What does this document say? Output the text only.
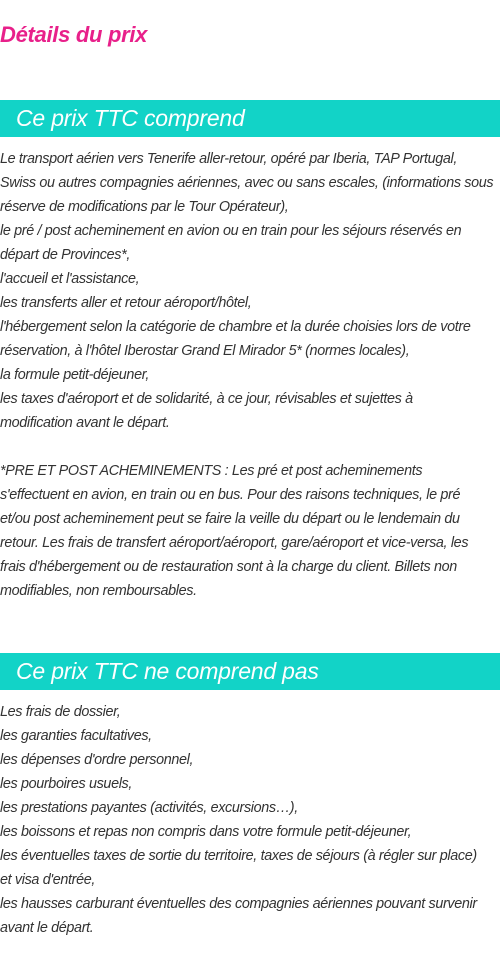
Détails du prix
Ce prix TTC comprend
Le transport aérien vers Tenerife aller-retour, opéré par Iberia, TAP Portugal,
Swiss ou autres compagnies aériennes, avec ou sans escales, (informations sous
réserve de modifications par le Tour Opérateur),
le pré / post acheminement en avion ou en train pour les séjours réservés en
départ de Provinces*,
l'accueil et l'assistance,
les transferts aller et retour aéroport/hôtel,
l'hébergement selon la catégorie de chambre et la durée choisies lors de votre
réservation, à l'hôtel Iberostar Grand El Mirador 5* (normes locales),
la formule petit-déjeuner,
les taxes d'aéroport et de solidarité, à ce jour, révisables et sujettes à
modification avant le départ.
*PRE ET POST ACHEMINEMENTS : Les pré et post acheminements
s'effectuent en avion, en train ou en bus. Pour des raisons techniques, le pré
et/ou post acheminement peut se faire la veille du départ ou le lendemain du
retour. Les frais de transfert aéroport/aéroport, gare/aéroport et vice-versa, les
frais d'hébergement ou de restauration sont à la charge du client. Billets non
modifiables, non remboursables.
Ce prix TTC ne comprend pas
Les frais de dossier,
les garanties facultatives,
les dépenses d'ordre personnel,
les pourboires usuels,
les prestations payantes (activités, excursions…),
les boissons et repas non compris dans votre formule petit-déjeuner,
les éventuelles taxes de sortie du territoire, taxes de séjours (à régler sur place)
et visa d'entrée,
les hausses carburant éventuelles des compagnies aériennes pouvant survenir
avant le départ.
